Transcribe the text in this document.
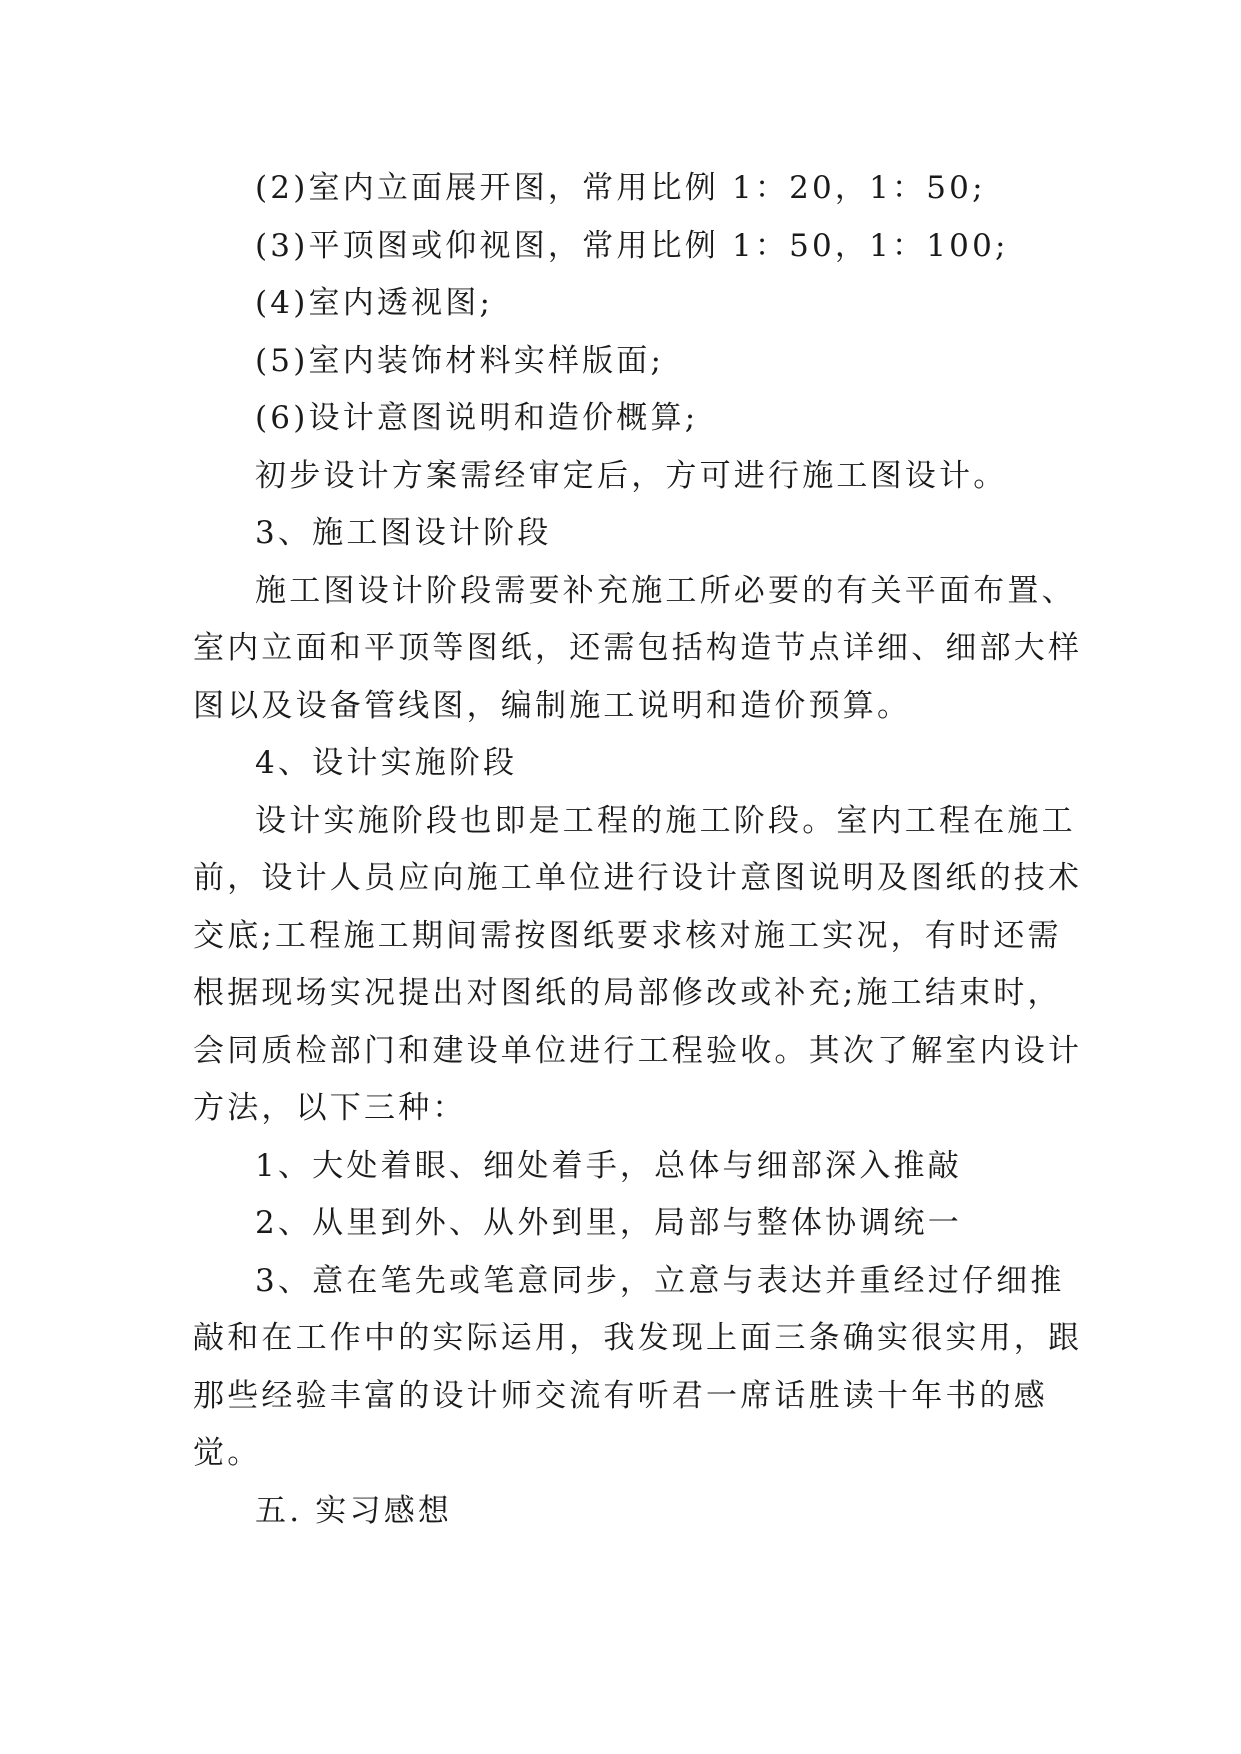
(2)室内立面展开图，常用比例 1：20，1：50;
(3)平顶图或仰视图，常用比例 1：50，1：100;
(4)室内透视图;
(5)室内装饰材料实样版面;
(6)设计意图说明和造价概算;
初步设计方案需经审定后，方可进行施工图设计。
3、施工图设计阶段
施工图设计阶段需要补充施工所必要的有关平面布置、
室内立面和平顶等图纸，还需包括构造节点详细、细部大样
图以及设备管线图，编制施工说明和造价预算。
4、设计实施阶段
设计实施阶段也即是工程的施工阶段。室内工程在施工
前，设计人员应向施工单位进行设计意图说明及图纸的技术
交底;工程施工期间需按图纸要求核对施工实况，有时还需
根据现场实况提出对图纸的局部修改或补充;施工结束时，
会同质检部门和建设单位进行工程验收。其次了解室内设计
方法，以下三种：
1、大处着眼、细处着手，总体与细部深入推敲
2、从里到外、从外到里，局部与整体协调统一
3、意在笔先或笔意同步，立意与表达并重经过仔细推
敲和在工作中的实际运用，我发现上面三条确实很实用，跟
那些经验丰富的设计师交流有听君一席话胜读十年书的感
觉。
五. 实习感想
